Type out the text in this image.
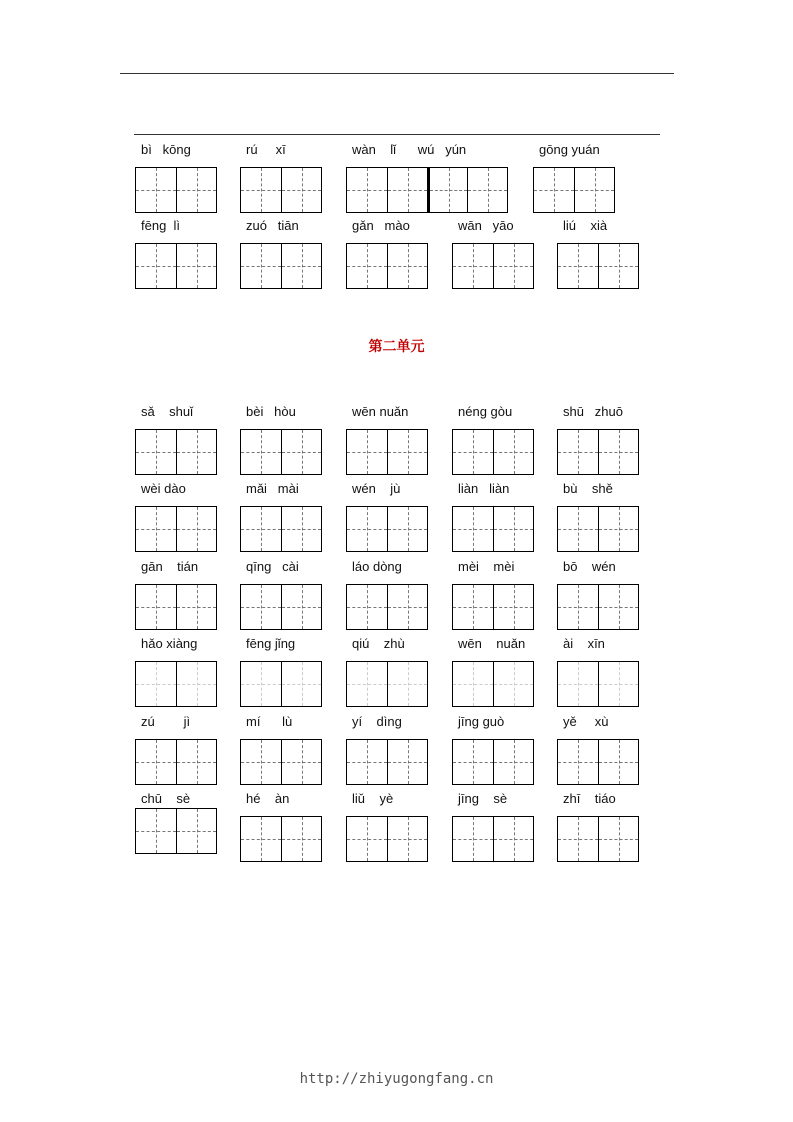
bì   kōng	rú     xī	wàn    lǐ      wú   yún	gōng yuán
fēng  lì	zuó   tiān	gǎn   mào	wān   yāo	liú    xià
第二单元
sǎ    shuǐ	bèi   hòu	wēn nuǎn	néng gòu	shū   zhuō
wèi dào	mǎi   mài	wén    jù	liàn   liàn	bù    shě
gān    tián	qīng   cài	láo dòng	mèi    mèi	bō    wén
hǎo xiàng	fēng jǐng	qiú    zhù	wēn    nuǎn	ài    xīn
zú        jì	mí      lù	yí    dìng	jīng guò	yě     xù
chū    sè	hé    àn	liǔ    yè	jīng    sè	zhī    tiáo
http://zhiyugongfang.cn
